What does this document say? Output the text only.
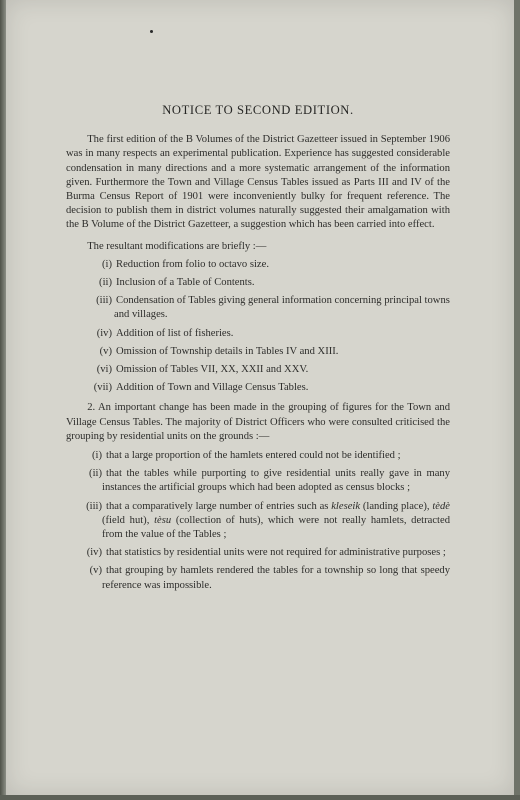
NOTICE TO SECOND EDITION.

The first edition of the B Volumes of the District Gazetteer issued in September 1906 was in many respects an experimental publication. Experience has suggested considerable condensation in many directions and a more systematic arrangement of the information given. Furthermore the Town and Village Census Tables issued as Parts III and IV of the Burma Census Report of 1901 were inconveniently bulky for frequent reference. The decision to publish them in district volumes naturally suggested their amalgamation with the B Volume of the District Gazetteer, a suggestion which has been carried into effect.

The resultant modifications are briefly :—

(i) Reduction from folio to octavo size.
(ii) Inclusion of a Table of Contents.
(iii) Condensation of Tables giving general information concerning principal towns and villages.
(iv) Addition of list of fisheries.
(v) Omission of Township details in Tables IV and XIII.
(vi) Omission of Tables VII, XX, XXII and XXV.
(vii) Addition of Town and Village Census Tables.

2. An important change has been made in the grouping of figures for the Town and Village Census Tables. The majority of District Officers who were consulted criticised the grouping by residential units on the grounds :—

(i) that a large proportion of the hamlets entered could not be identified ;
(ii) that the tables while purporting to give residential units really gave in many instances the artificial groups which had been adopted as census blocks ;
(iii) that a comparatively large number of entries such as kleseik (landing place), tèdè (field hut), tèsu (collection of huts), which were not really hamlets, detracted from the value of the Tables ;
(iv) that statistics by residential units were not required for administrative purposes ;
(v) that grouping by hamlets rendered the tables for a township so long that speedy reference was impossible.
